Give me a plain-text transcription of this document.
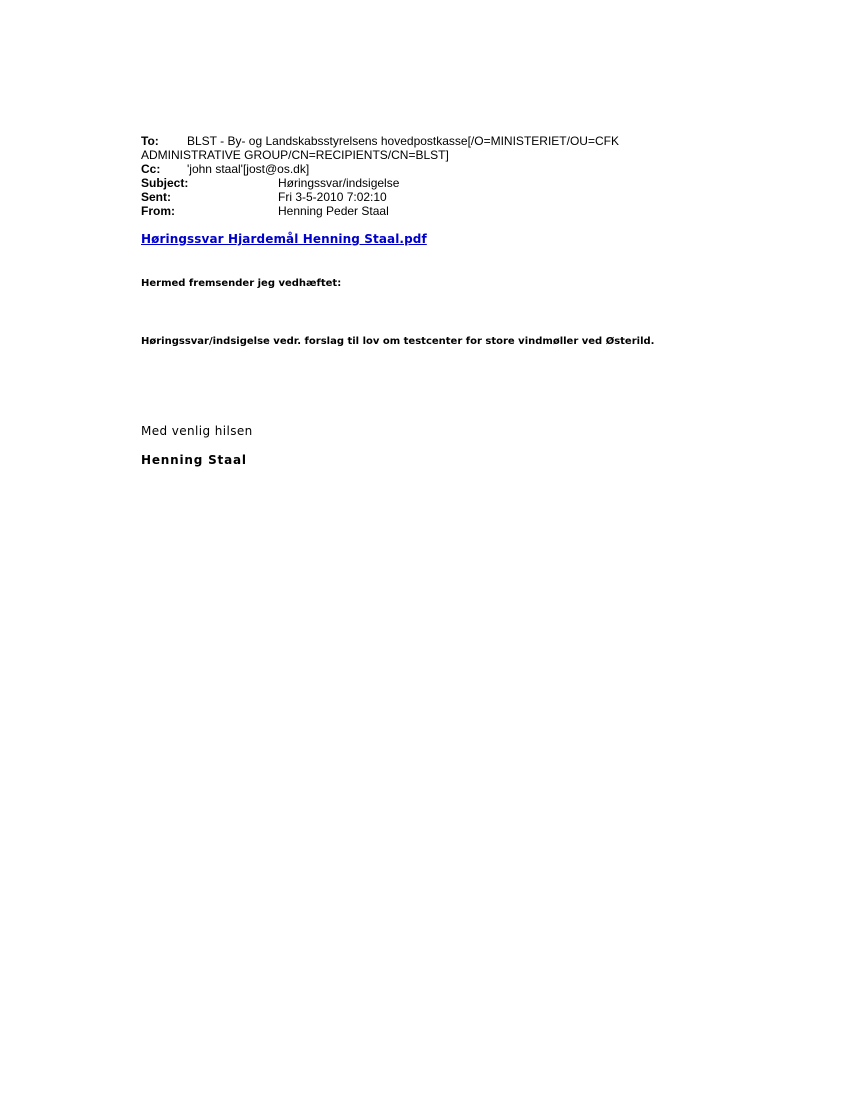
To: BLST - By- og Landskabsstyrelsens hovedpostkasse[/O=MINISTERIET/OU=CFK
ADMINISTRATIVE GROUP/CN=RECIPIENTS/CN=BLST]
Cc: 'john staal'[jost@os.dk]
Subject:	Høringssvar/indsigelse
Sent:	Fri 3-5-2010 7:02:10
From:	Henning Peder Staal
Høringssvar Hjardemål Henning Staal.pdf
Hermed fremsender jeg vedhæftet:
Høringssvar/indsigelse vedr. forslag til lov om testcenter for store vindmøller ved Østerild.
Med venlig hilsen
Henning Staal
